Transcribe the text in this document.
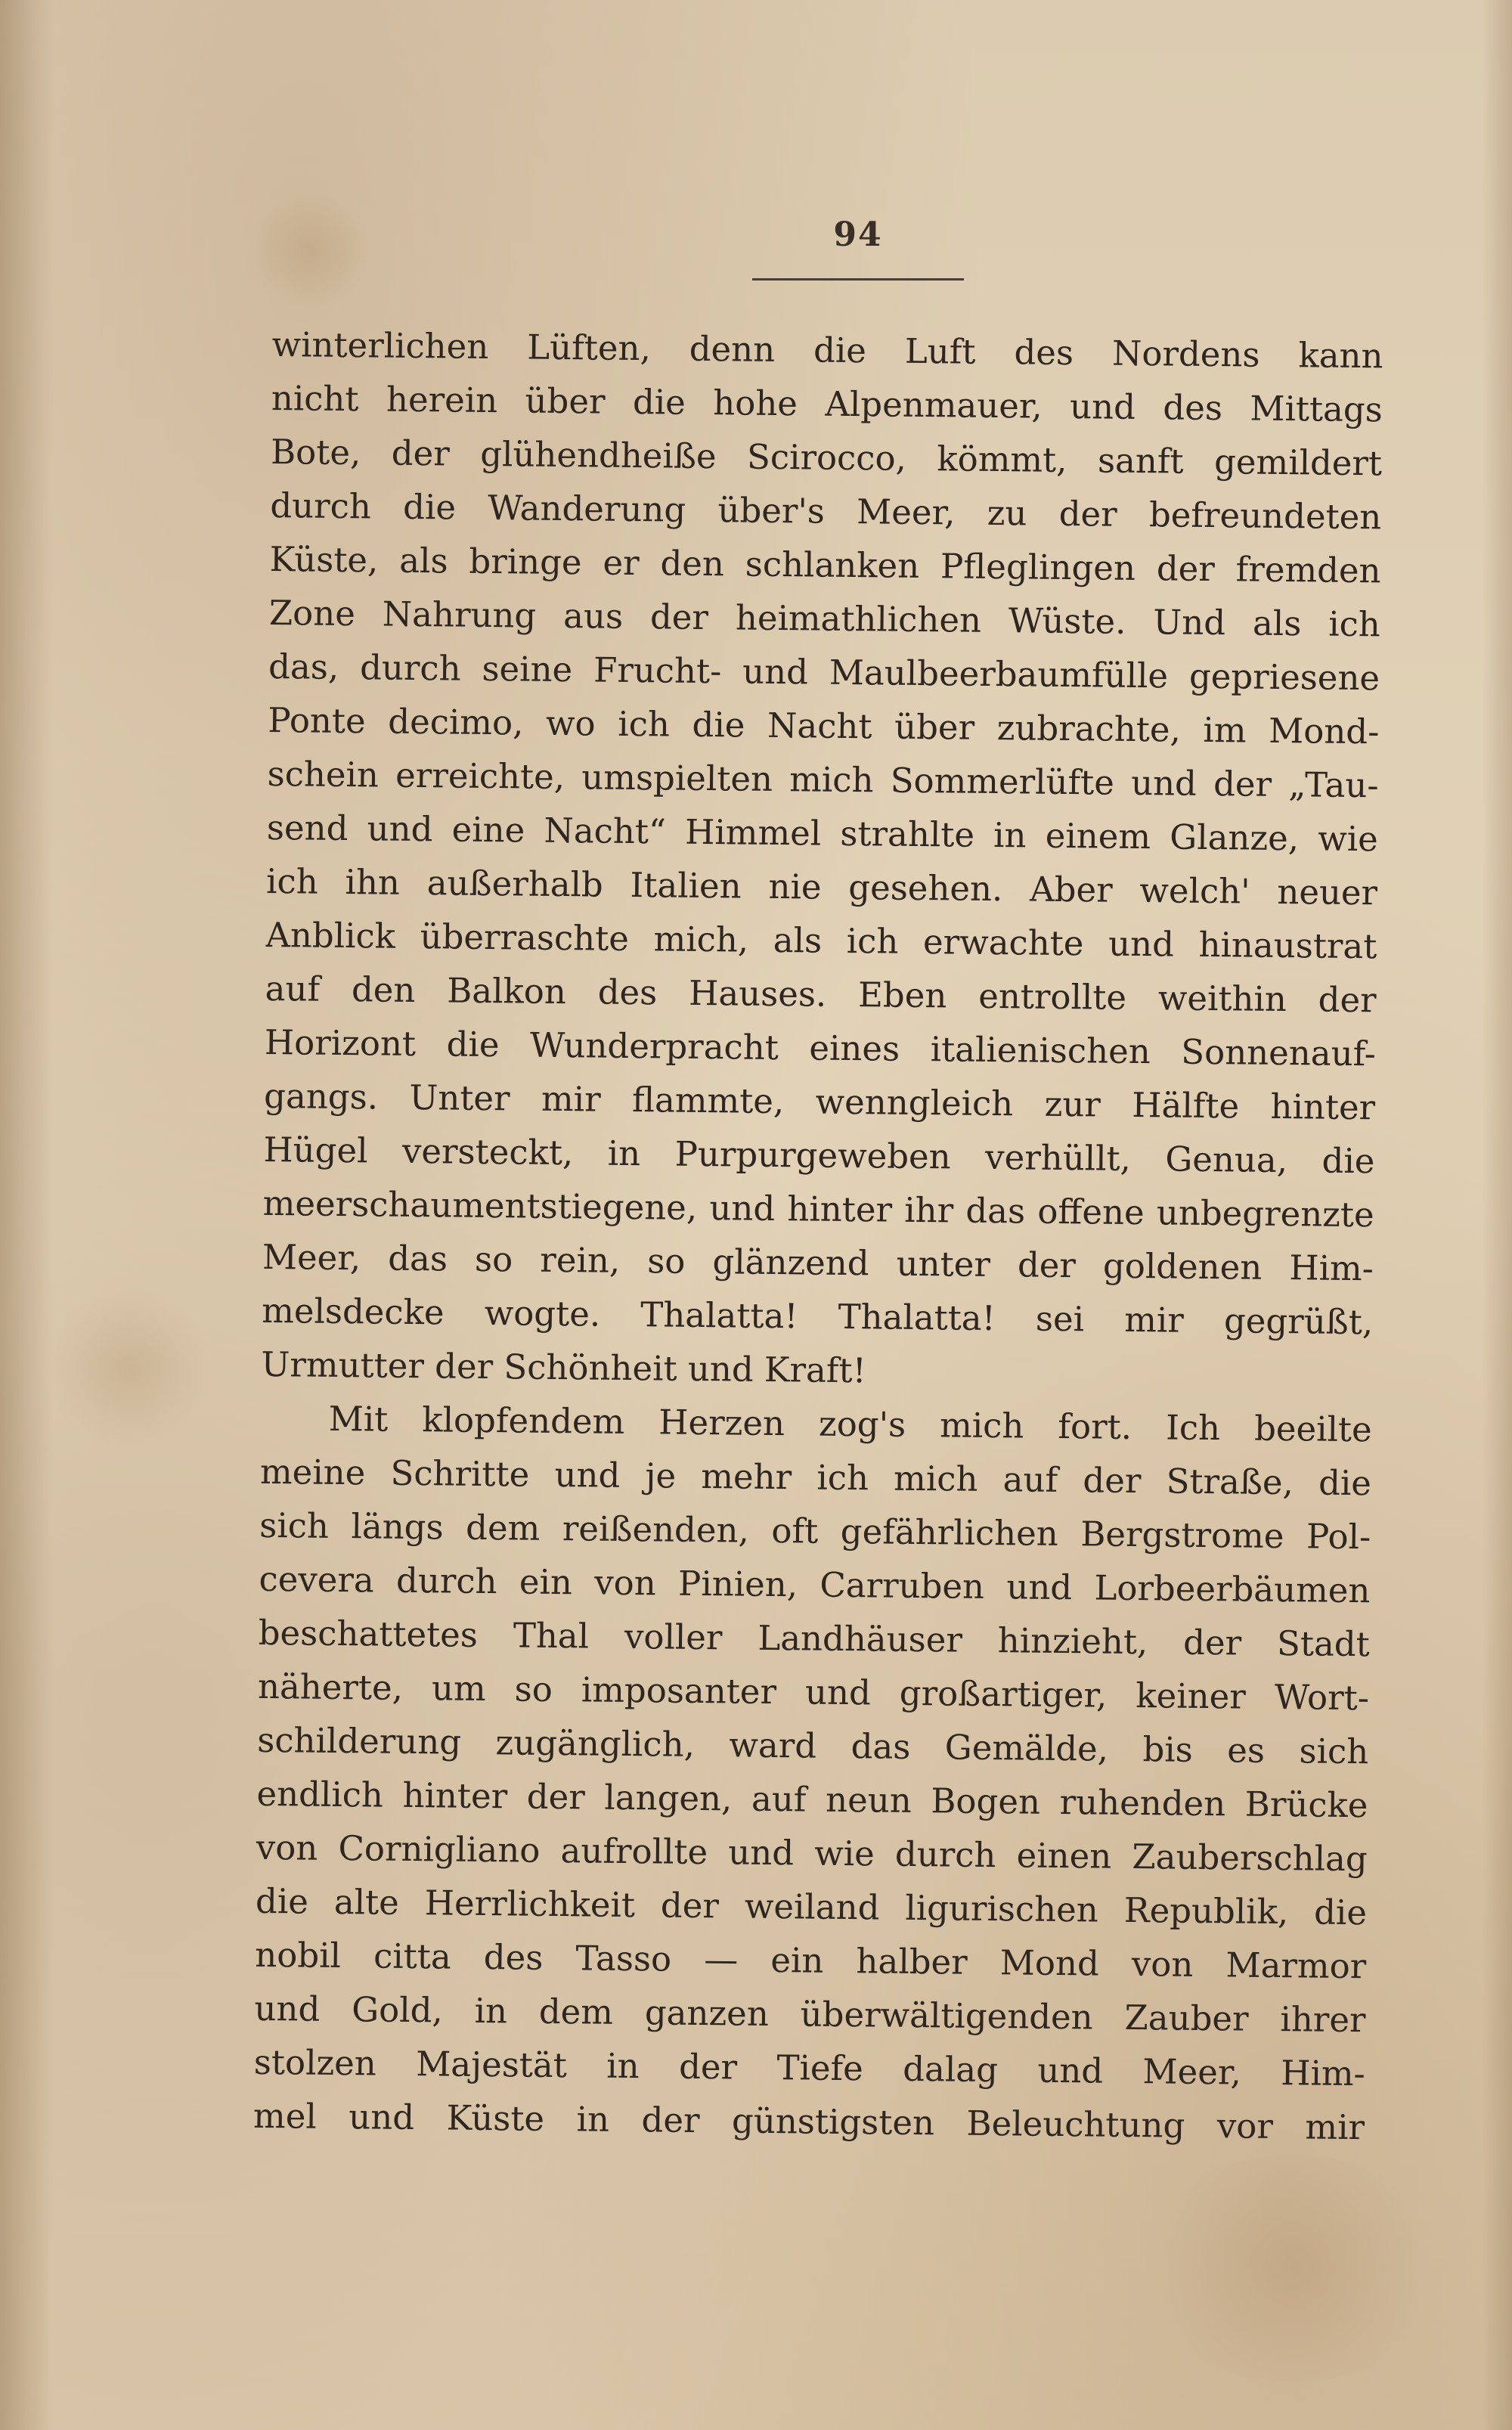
94
winterlichen Lüften, denn die Luft des Nordens kann
nicht herein über die hohe Alpenmauer, und des Mittags
Bote, der glühendheiße Scirocco, kömmt, sanft gemildert
durch die Wanderung über's Meer, zu der befreundeten
Küste, als bringe er den schlanken Pfleglingen der fremden
Zone Nahrung aus der heimathlichen Wüste. Und als ich
das, durch seine Frucht- und Maulbeerbaumfülle gepriesene
Ponte decimo, wo ich die Nacht über zubrachte, im Mond-
schein erreichte, umspielten mich Sommerlüfte und der „Tau-
send und eine Nacht“ Himmel strahlte in einem Glanze, wie
ich ihn außerhalb Italien nie gesehen. Aber welch' neuer
Anblick überraschte mich, als ich erwachte und hinaustrat
auf den Balkon des Hauses. Eben entrollte weithin der
Horizont die Wunderpracht eines italienischen Sonnenauf-
gangs. Unter mir flammte, wenngleich zur Hälfte hinter
Hügel versteckt, in Purpurgeweben verhüllt, Genua, die
meerschaumentstiegene, und hinter ihr das offene unbegrenzte
Meer, das so rein, so glänzend unter der goldenen Him-
melsdecke wogte. Thalatta! Thalatta! sei mir gegrüßt,
Urmutter der Schönheit und Kraft!
Mit klopfendem Herzen zog's mich fort. Ich beeilte
meine Schritte und je mehr ich mich auf der Straße, die
sich längs dem reißenden, oft gefährlichen Bergstrome Pol-
cevera durch ein von Pinien, Carruben und Lorbeerbäumen
beschattetes Thal voller Landhäuser hinzieht, der Stadt
näherte, um so imposanter und großartiger, keiner Wort-
schilderung zugänglich, ward das Gemälde, bis es sich
endlich hinter der langen, auf neun Bogen ruhenden Brücke
von Cornigliano aufrollte und wie durch einen Zauberschlag
die alte Herrlichkeit der weiland ligurischen Republik, die
nobil citta des Tasso — ein halber Mond von Marmor
und Gold, in dem ganzen überwältigenden Zauber ihrer
stolzen Majestät in der Tiefe dalag und Meer, Him-
mel und Küste in der günstigsten Beleuchtung vor mir
